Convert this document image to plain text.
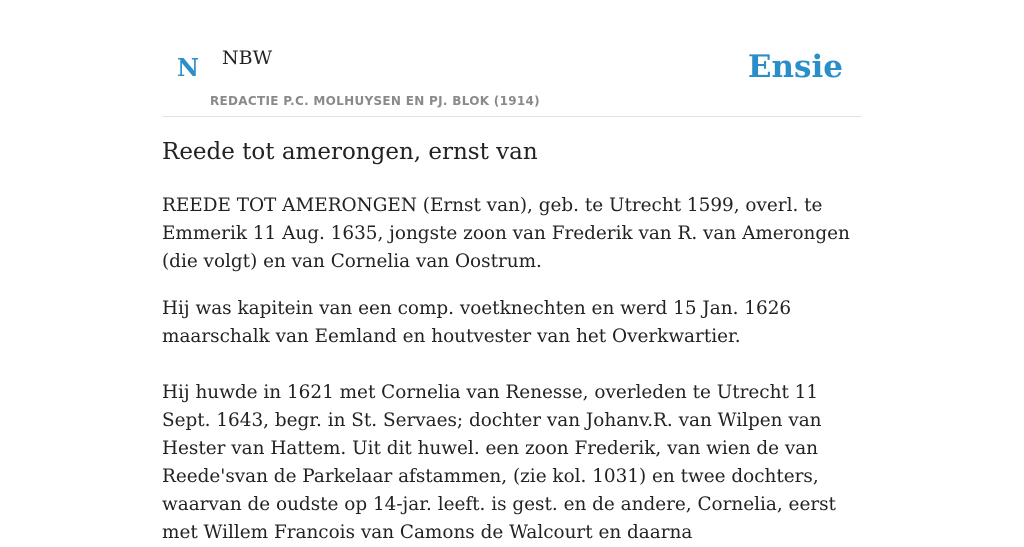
N NBW
REDACTIE P.C. MOLHUYSEN EN PJ. BLOK (1914)
Ensie
Reede tot amerongen, ernst van

REEDE TOT AMERONGEN (Ernst van), geb. te Utrecht 1599, overl. te Emmerik 11 Aug. 1635, jongste zoon van Frederik van R. van Amerongen (die volgt) en van Cornelia van Oostrum.

Hij was kapitein van een comp. voetknechten en werd 15 Jan. 1626 maarschalk van Eemland en houtvester van het Overkwartier.

Hij huwde in 1621 met Cornelia van Renesse, overleden te Utrecht 11 Sept. 1643, begr. in St. Servaes; dochter van Johanv.R. van Wilpen van Hester van Hattem. Uit dit huwel. een zoon Frederik, van wien de van Reede'svan de Parkelaar afstammen, (zie kol. 1031) en twee dochters, waarvan de oudste op 14-jar. leeft. is gest. en de andere, Cornelia, eerst met Willem Francois van Camons de Walcourt en daarna
